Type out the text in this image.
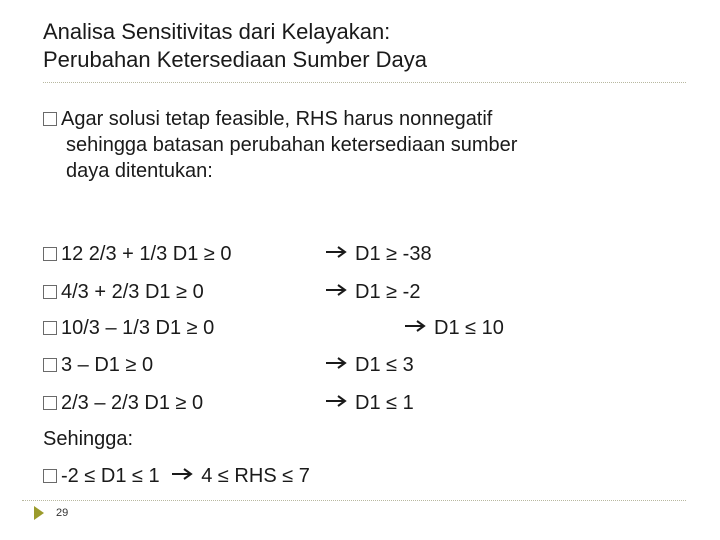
Analisa Sensitivitas dari Kelayakan:
Perubahan Ketersediaan Sumber Daya
Agar solusi tetap feasible, RHS harus nonnegatif
sehingga batasan perubahan ketersediaan sumber
daya ditentukan:
12 2/3 + 1/3 D1 ≥ 0	D1 ≥ -38
4/3 + 2/3 D1 ≥ 0	D1 ≥ -2
10/3 – 1/3 D1 ≥ 0	D1 ≤ 10
3 – D1 ≥ 0	D1 ≤ 3
2/3 – 2/3 D1 ≥ 0	D1 ≤ 1
Sehingga:
-2 ≤ D1 ≤ 1 4 ≤ RHS ≤ 7
29
